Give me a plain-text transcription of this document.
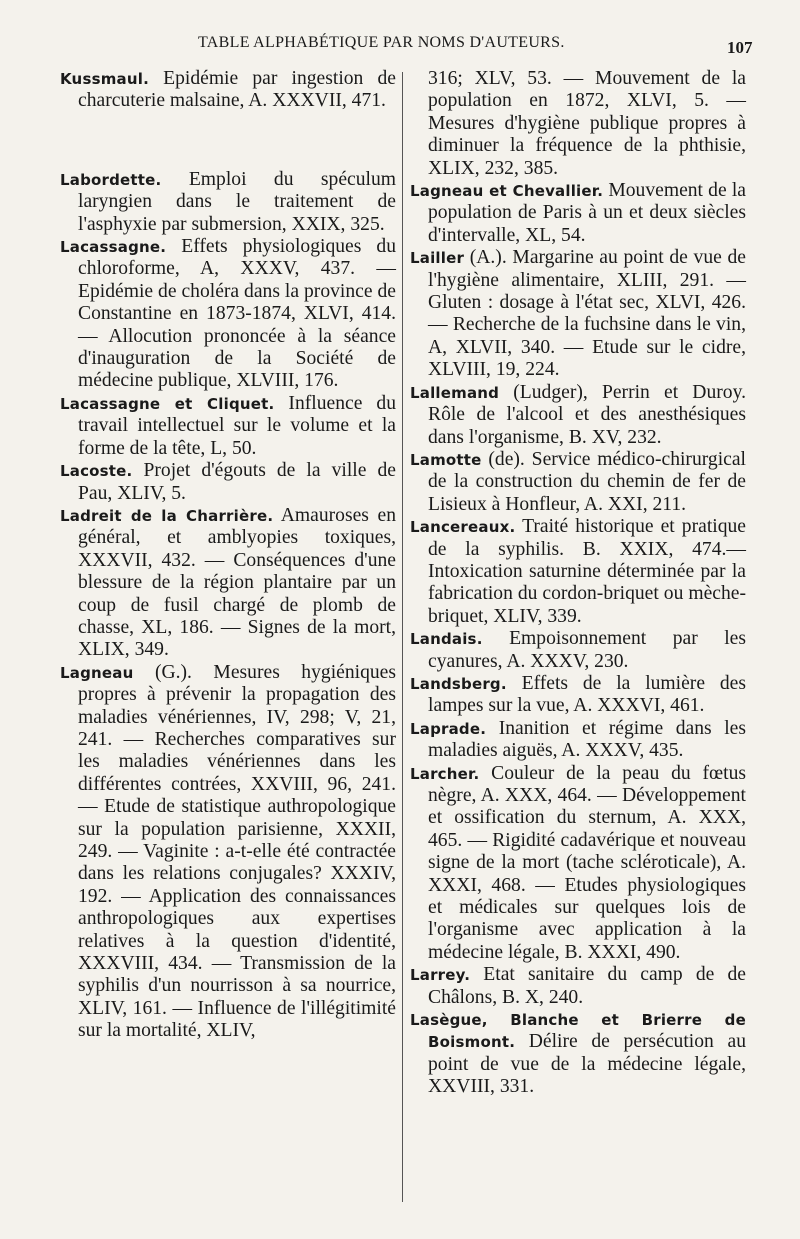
TABLE ALPHABÉTIQUE PAR NOMS D'AUTEURS.	107

Kussmaul. Epidémie par ingestion de charcuterie malsaine, A. XXXVII, 471.

Labordette. Emploi du spéculum laryngien dans le traitement de l'asphyxie par submersion, XXIX, 325.

Lacassagne. Effets physiologiques du chloroforme, A, XXXV, 437. — Epidémie de choléra dans la province de Constantine en 1873-1874, XLVI, 414. — Allocution prononcée à la séance d'inauguration de la Société de médecine publique, XLVIII, 176.

Lacassagne et Cliquet. Influence du travail intellectuel sur le volume et la forme de la tête, L, 50.

Lacoste. Projet d'égouts de la ville de Pau, XLIV, 5.

Ladreit de la Charrière. Amauroses en général, et amblyopies toxiques, XXXVII, 432. — Conséquences d'une blessure de la région plantaire par un coup de fusil chargé de plomb de chasse, XL, 186. — Signes de la mort, XLIX, 349.

Lagneau (G.). Mesures hygiéniques propres à prévenir la propagation des maladies vénériennes, IV, 298; V, 21, 241. — Recherches comparatives sur les maladies vénériennes dans les différentes contrées, XXVIII, 96, 241. — Etude de statistique authropologique sur la population parisienne, XXXII, 249. — Vaginite : a-t-elle été contractée dans les relations conjugales? XXXIV, 192. — Application des connaissances anthropologiques aux expertises relatives à la question d'identité, XXXVIII, 434. — Transmission de la syphilis d'un nourrisson à sa nourrice, XLIV, 161. — Influence de l'illégitimité sur la mortalité, XLIV,

316; XLV, 53. — Mouvement de la population en 1872, XLVI, 5. — Mesures d'hygiène publique propres à diminuer la fréquence de la phthisie, XLIX, 232, 385.

Lagneau et Chevallier. Mouvement de la population de Paris à un et deux siècles d'intervalle, XL, 54.

Lailler (A.). Margarine au point de vue de l'hygiène alimentaire, XLIII, 291. — Gluten : dosage à l'état sec, XLVI, 426. — Recherche de la fuchsine dans le vin, A, XLVII, 340. — Etude sur le cidre, XLVIII, 19, 224.

Lallemand (Ludger), Perrin et Duroy. Rôle de l'alcool et des anesthésiques dans l'organisme, B. XV, 232.

Lamotte (de). Service médico-chirurgical de la construction du chemin de fer de Lisieux à Honfleur, A. XXI, 211.

Lancereaux. Traité historique et pratique de la syphilis. B. XXIX, 474.—Intoxication saturnine déterminée par la fabrication du cordon-briquet ou mèche-briquet, XLIV, 339.

Landais. Empoisonnement par les cyanures, A. XXXV, 230.

Landsberg. Effets de la lumière des lampes sur la vue, A. XXXVI, 461.

Laprade. Inanition et régime dans les maladies aiguës, A. XXXV, 435.

Larcher. Couleur de la peau du fœtus nègre, A. XXX, 464. — Développement et ossification du sternum, A. XXX, 465. — Rigidité cadavérique et nouveau signe de la mort (tache scléroticale), A. XXXI, 468. — Etudes physiologiques et médicales sur quelques lois de l'organisme avec application à la médecine légale, B. XXXI, 490.

Larrey. Etat sanitaire du camp de de Châlons, B. X, 240.

Lasègue, Blanche et Brierre de Boismont. Délire de persécution au point de vue de la médecine légale, XXVIII, 331.
